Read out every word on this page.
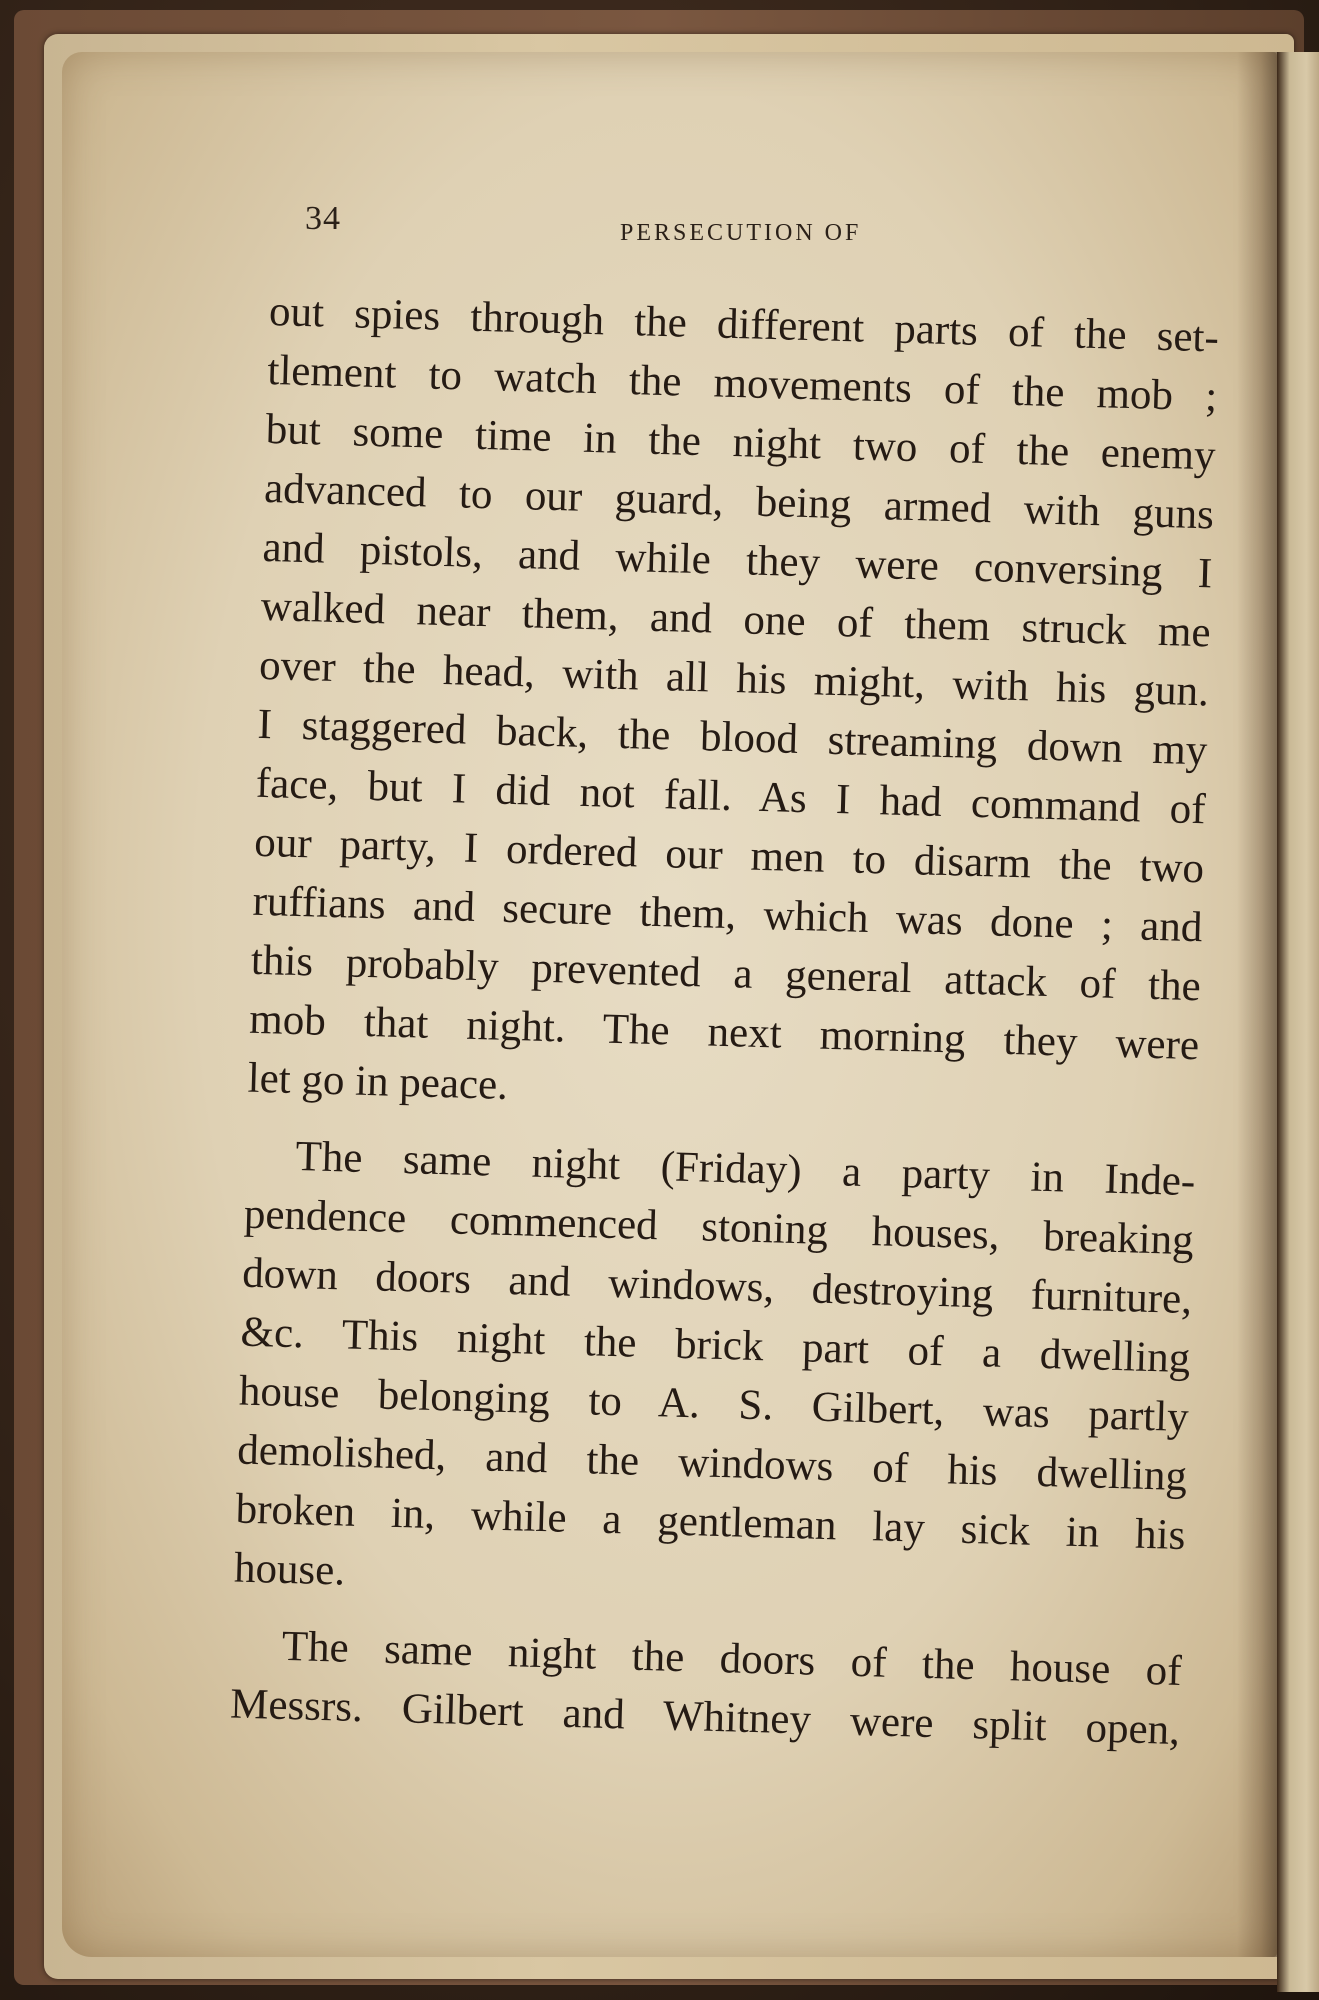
34	PERSECUTION OF
out spies through the different parts of the set-
tlement to watch the movements of the mob ;
but some time in the night two of the enemy
advanced to our guard, being armed with guns
and pistols, and while they were conversing I
walked near them, and one of them struck me
over the head, with all his might, with his gun.
I staggered back, the blood streaming down my
face, but I did not fall. As I had command of
our party, I ordered our men to disarm the two
ruffians and secure them, which was done ; and
this probably prevented a general attack of the
mob that night. The next morning they were
let go in peace.
The same night (Friday) a party in Inde-
pendence commenced stoning houses, breaking
down doors and windows, destroying furniture,
&c. This night the brick part of a dwelling
house belonging to A. S. Gilbert, was partly
demolished, and the windows of his dwelling
broken in, while a gentleman lay sick in his
house.
The same night the doors of the house of
Messrs. Gilbert and Whitney were split open,
